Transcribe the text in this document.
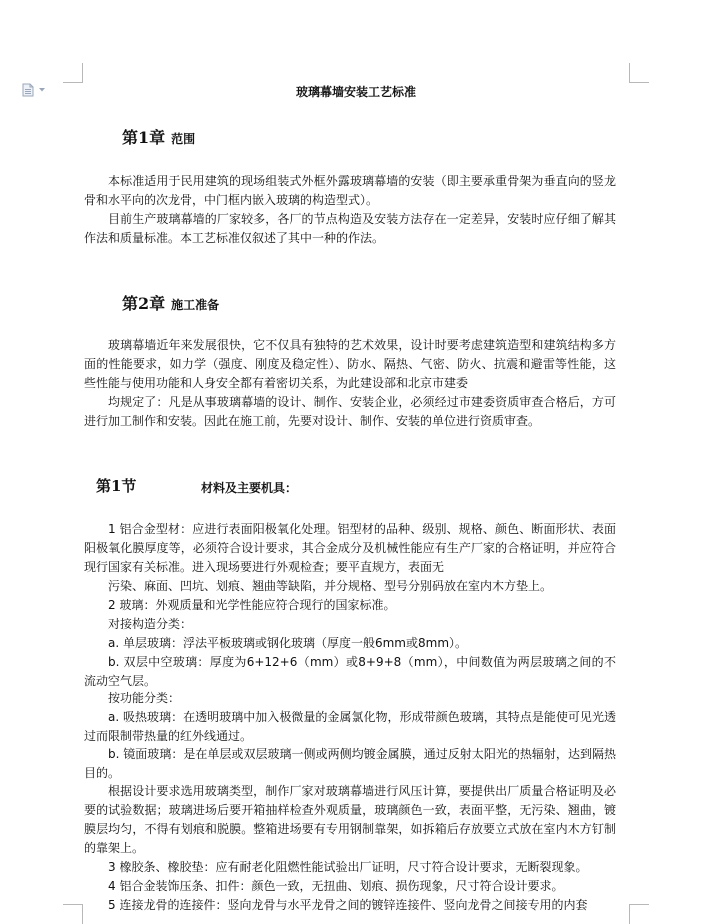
玻璃幕墙安装工艺标准
第1章 范围
本标准适用于民用建筑的现场组装式外框外露玻璃幕墙的安装（即主要承重骨架为垂直向的竖龙骨和水平向的次龙骨，中门框内嵌入玻璃的构造型式）。
目前生产玻璃幕墙的厂家较多，各厂的节点构造及安装方法存在一定差异，安装时应仔细了解其作法和质量标准。本工艺标准仅叙述了其中一种的作法。
第2章 施工准备
玻璃幕墙近年来发展很快，它不仅具有独特的艺术效果，设计时要考虑建筑造型和建筑结构多方面的性能要求，如力学（强度、刚度及稳定性）、防水、隔热、气密、防火、抗震和避雷等性能，这些性能与使用功能和人身安全都有着密切关系，为此建设部和北京市建委
均规定了：凡是从事玻璃幕墙的设计、制作、安装企业，必须经过市建委资质审查合格后，方可进行加工制作和安装。因此在施工前，先要对设计、制作、安装的单位进行资质审查。
第1节	材料及主要机具：
1 铝合金型材：应进行表面阳极氧化处理。铝型材的品种、级别、规格、颜色、断面形状、表面阳极氧化膜厚度等，必须符合设计要求，其合金成分及机械性能应有生产厂家的合格证明，并应符合现行国家有关标准。进入现场要进行外观检查；要平直规方，表面无
污染、麻面、凹坑、划痕、翘曲等缺陷，并分规格、型号分别码放在室内木方垫上。
2 玻璃：外观质量和光学性能应符合现行的国家标准。
对接构造分类：
a. 单层玻璃：浮法平板玻璃或钢化玻璃（厚度一般6mm或8mm）。
b. 双层中空玻璃：厚度为6+12+6（mm）或8+9+8（mm），中间数值为两层玻璃之间的不流动空气层。
按功能分类：
a. 吸热玻璃：在透明玻璃中加入极微量的金属氯化物，形成带颜色玻璃，其特点是能使可见光透过而限制带热量的红外线通过。
b. 镜面玻璃：是在单层或双层玻璃一侧或两侧均镀金属膜，通过反射太阳光的热辐射，达到隔热目的。
根据设计要求选用玻璃类型，制作厂家对玻璃幕墙进行风压计算，要提供出厂质量合格证明及必要的试验数据；玻璃进场后要开箱抽样检查外观质量，玻璃颜色一致，表面平整，无污染、翘曲，镀膜层均匀，不得有划痕和脱膜。整箱进场要有专用钢制靠架，如拆箱后存放要立式放在室内木方钉制的靠架上。
3 橡胶条、橡胶垫：应有耐老化阻燃性能试验出厂证明，尺寸符合设计要求，无断裂现象。
4 铝合金装饰压条、扣件：颜色一致，无扭曲、划痕、损伤现象，尺寸符合设计要求。
5 连接龙骨的连接件：竖向龙骨与水平龙骨之间的镀锌连接件、竖向龙骨之间接专用的内套
